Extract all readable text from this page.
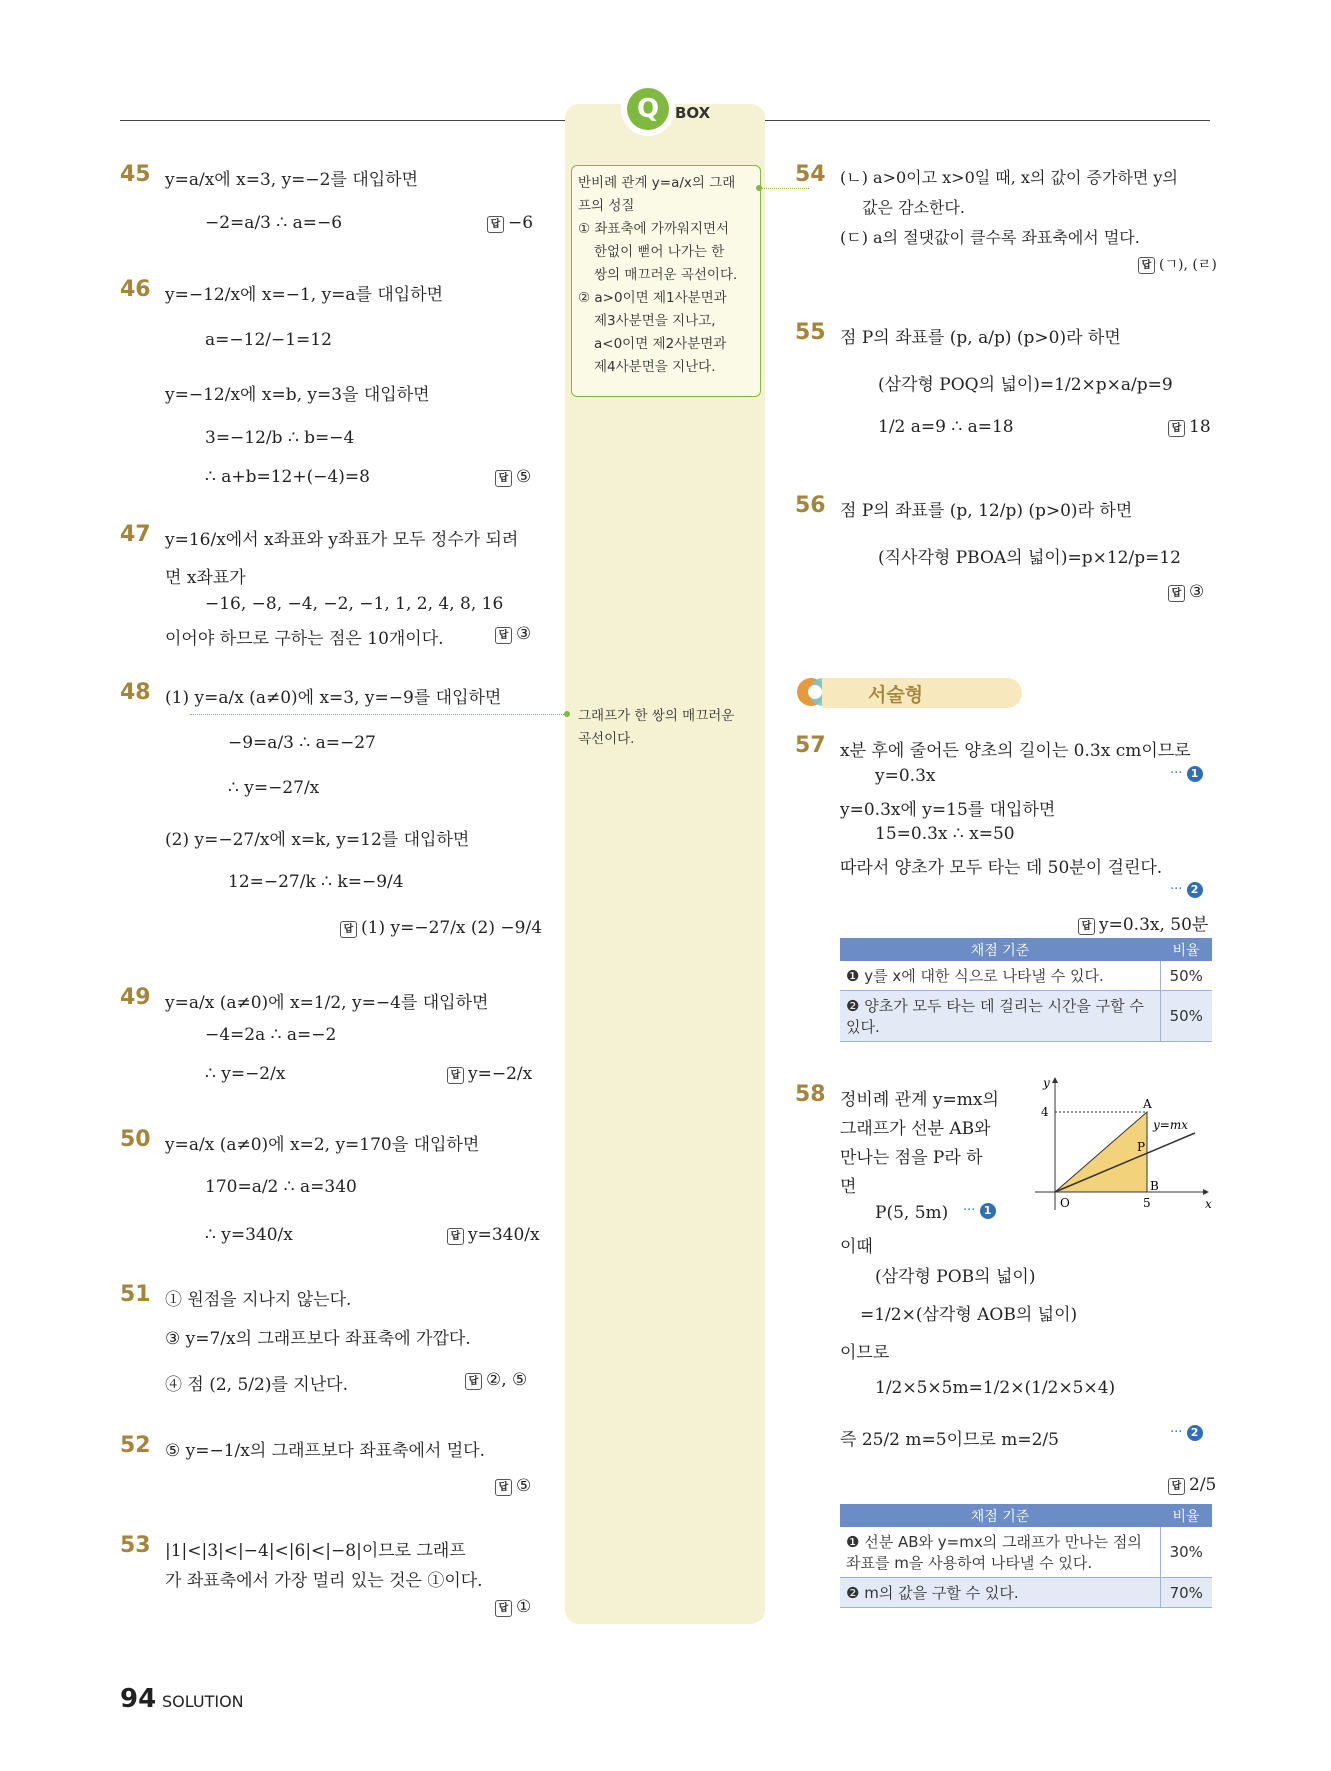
Q	BOX
반비례 관계 y=a/x의 그래
프의 성질
① 좌표축에 가까워지면서
한없이 뻗어 나가는 한
쌍의 매끄러운 곡선이다.
② a>0이면 제1사분면과
제3사분면을 지나고,
a<0이면 제2사분면과
제4사분면을 지난다.
그래프가 한 쌍의 매끄러운
곡선이다.
45 y=a/x에 x=3, y=−2를 대입하면
−2=a/3 ∴ a=−6	답 −6
46 y=−12/x에 x=−1, y=a를 대입하면
a=−12/−1=12
y=−12/x에 x=b, y=3을 대입하면
3=−12/b ∴ b=−4
∴ a+b=12+(−4)=8	답 ⑤
47 y=16/x에서 x좌표와 y좌표가 모두 정수가 되려
면 x좌표가
−16, −8, −4, −2, −1, 1, 2, 4, 8, 16
이어야 하므로 구하는 점은 10개이다.	답 ③
48 (1) y=a/x (a≠0)에 x=3, y=−9를 대입하면
−9=a/3 ∴ a=−27
∴ y=−27/x
(2) y=−27/x에 x=k, y=12를 대입하면
12=−27/k ∴ k=−9/4
답 (1) y=−27/x (2) −9/4
49 y=a/x (a≠0)에 x=1/2, y=−4를 대입하면
−4=2a ∴ a=−2
∴ y=−2/x	답 y=−2/x
50 y=a/x (a≠0)에 x=2, y=170을 대입하면
170=a/2 ∴ a=340
∴ y=340/x	답 y=340/x
51 ① 원점을 지나지 않는다.
③ y=7/x의 그래프보다 좌표축에 가깝다.
④ 점 (2, 5/2)를 지난다.	답 ②, ⑤
52 ⑤ y=−1/x의 그래프보다 좌표축에서 멀다.
답 ⑤
53 |1|<|3|<|−4|<|6|<|−8|이므로 그래프
가 좌표축에서 가장 멀리 있는 것은 ①이다.
답 ①
54 (ㄴ) a>0이고 x>0일 때, x의 값이 증가하면 y의
값은 감소한다.
(ㄷ) a의 절댓값이 클수록 좌표축에서 멀다.
답 (ㄱ), (ㄹ)
55 점 P의 좌표를 (p, a/p) (p>0)라 하면
(삼각형 POQ의 넓이)=1/2×p×a/p=9
1/2 a=9 ∴ a=18	답 18
56 점 P의 좌표를 (p, 12/p) (p>0)라 하면
(직사각형 PBOA의 넓이)=p×12/p=12
답 ③
서술형
57 x분 후에 줄어든 양초의 길이는 0.3x cm이므로
y=0.3x	··· 1
y=0.3x에 y=15를 대입하면
15=0.3x ∴ x=50
따라서 양초가 모두 타는 데 50분이 걸린다.
··· 2
답 y=0.3x, 50분
채점 기준	비율
❶ y를 x에 대한 식으로 나타낼 수 있다.	50%
❷ 양초가 모두 타는 데 걸리는 시간을 구할 수 있다.	50%
58 정비례 관계 y=mx의
그래프가 선분 AB와
만나는 점을 P라 하
면
P(5, 5m) ··· 1
이때
(삼각형 POB의 넓이)
=1/2×(삼각형 AOB의 넓이)
이므로
1/2×5×5m=1/2×(1/2×5×4)
즉 25/2 m=5이므로 m=2/5	··· 2
답 2/5
y
x
O
4
5
A
B
P
y=mx
채점 기준	비율
❶ 선분 AB와 y=mx의 그래프가 만나는 점의 좌표를 m을 사용하여 나타낼 수 있다.	30%
❷ m의 값을 구할 수 있다.	70%
94 SOLUTION
